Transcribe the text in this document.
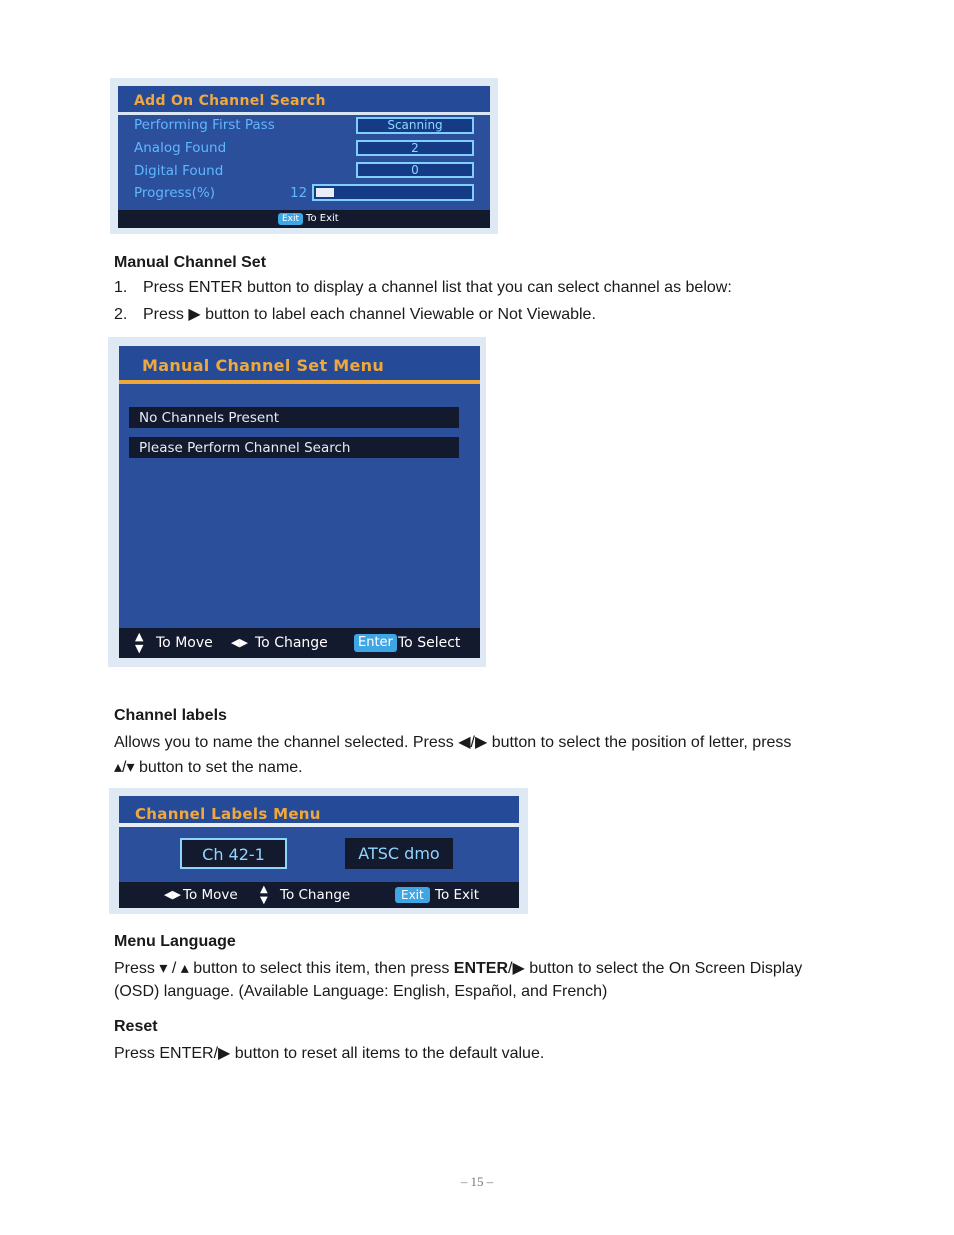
Add On Channel Search
Performing First Pass	Scanning
Analog Found	2
Digital Found	0
Progress(%)	12
Exit To Exit
Manual Channel Set
1. Press ENTER button to display a channel list that you can select channel as below:
2. Press ▶ button to label each channel Viewable or Not Viewable.
Manual Channel Set Menu
No Channels Present
Please Perform Channel Search
▲
▼ To Move ◀▶ To Change	Enter To Select
Channel labels
Allows you to name the channel selected. Press ◀/▶ button to select the position of letter, press
▴/▾ button to set the name.
Channel Labels Menu
Ch 42-1	ATSC dmo
◀▶ To Move ▲
▼ To Change	Exit To Exit
Menu Language
Press ▾ / ▴ button to select this item, then press ENTER/▶ button to select the On Screen Display
(OSD) language. (Available Language: English, Español, and French)
Reset
Press ENTER/▶ button to reset all items to the default value.
– 15 –
